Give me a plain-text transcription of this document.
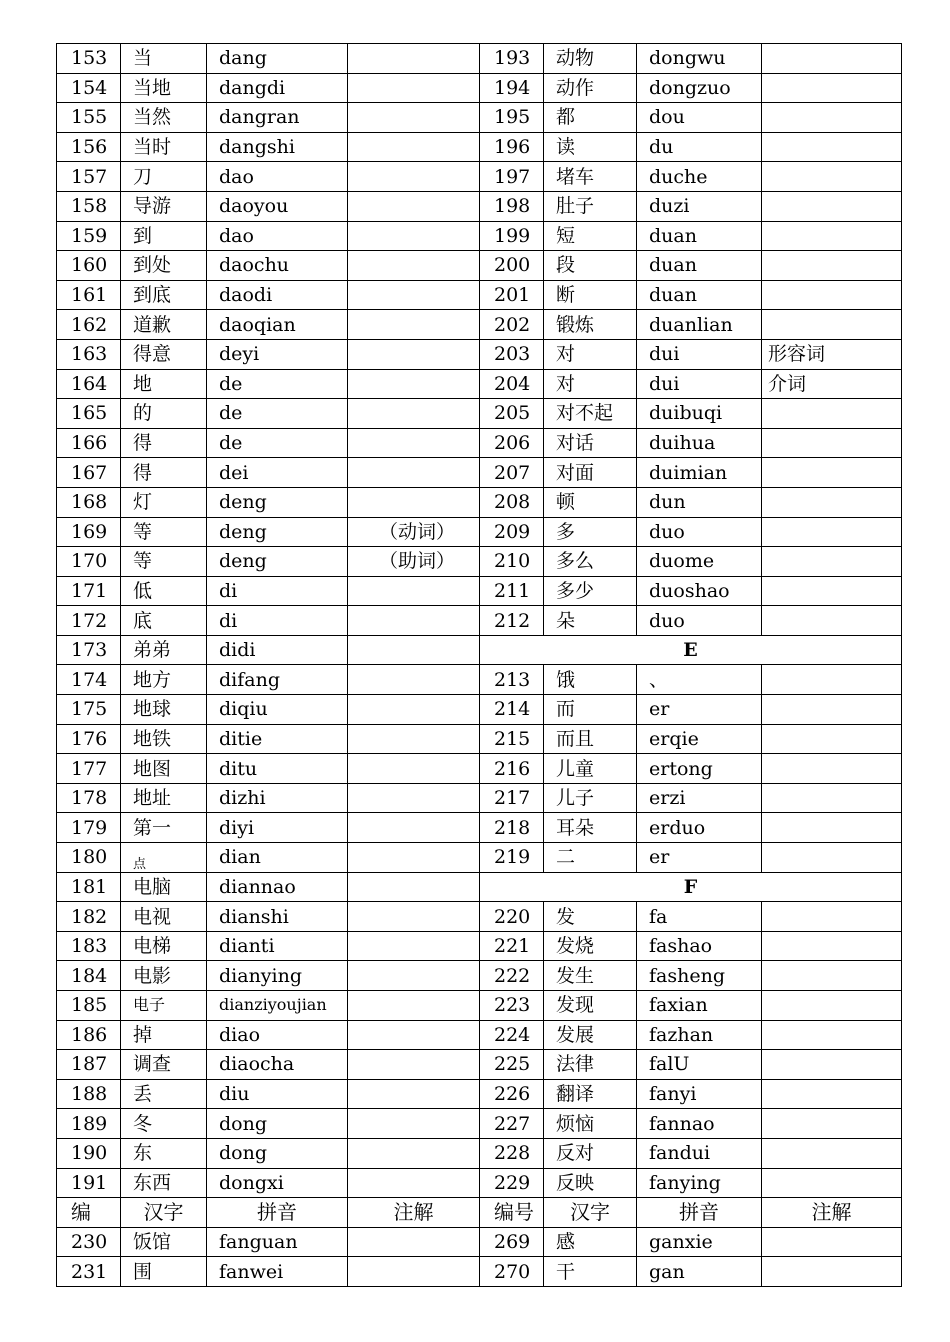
153	当	dang		193	动物	dongwu	
154	当地	dangdi		194	动作	dongzuo	
155	当然	dangran		195	都	dou	
156	当时	dangshi		196	读	du	
157	刀	dao		197	堵车	duche	
158	导游	daoyou		198	肚子	duzi	
159	到	dao		199	短	duan	
160	到处	daochu		200	段	duan	
161	到底	daodi		201	断	duan	
162	道歉	daoqian		202	锻炼	duanlian	
163	得意	deyi		203	对	dui	形容词
164	地	de		204	对	dui	介词
165	的	de		205	对不起	duibuqi	
166	得	de		206	对话	duihua	
167	得	dei		207	对面	duimian	
168	灯	deng		208	顿	dun	
169	等	deng	（动词）	209	多	duo	
170	等	deng	（助词）	210	多么	duome	
171	低	di		211	多少	duoshao	
172	底	di		212	朵	duo	
173	弟弟	didi		E			
174	地方	difang		213	饿	、	
175	地球	diqiu		214	而	er	
176	地铁	ditie		215	而且	erqie	
177	地图	ditu		216	儿童	ertong	
178	地址	dizhi		217	儿子	erzi	
179	第一	diyi		218	耳朵	erduo	
180	点	dian		219	二	er	
181	电脑	diannao		F			
182	电视	dianshi		220	发	fa	
183	电梯	dianti		221	发烧	fashao	
184	电影	dianying		222	发生	fasheng	
185	电子	dianziyoujian		223	发现	faxian	
186	掉	diao		224	发展	fazhan	
187	调查	diaocha		225	法律	falU	
188	丢	diu		226	翻译	fanyi	
189	冬	dong		227	烦恼	fannao	
190	东	dong		228	反对	fandui	
191	东西	dongxi		229	反映	fanying	
编	汉字	拼音	注解	编号	汉字	拼音	注解
230	饭馆	fanguan		269	感	ganxie	
231	围	fanwei		270	干	gan	
